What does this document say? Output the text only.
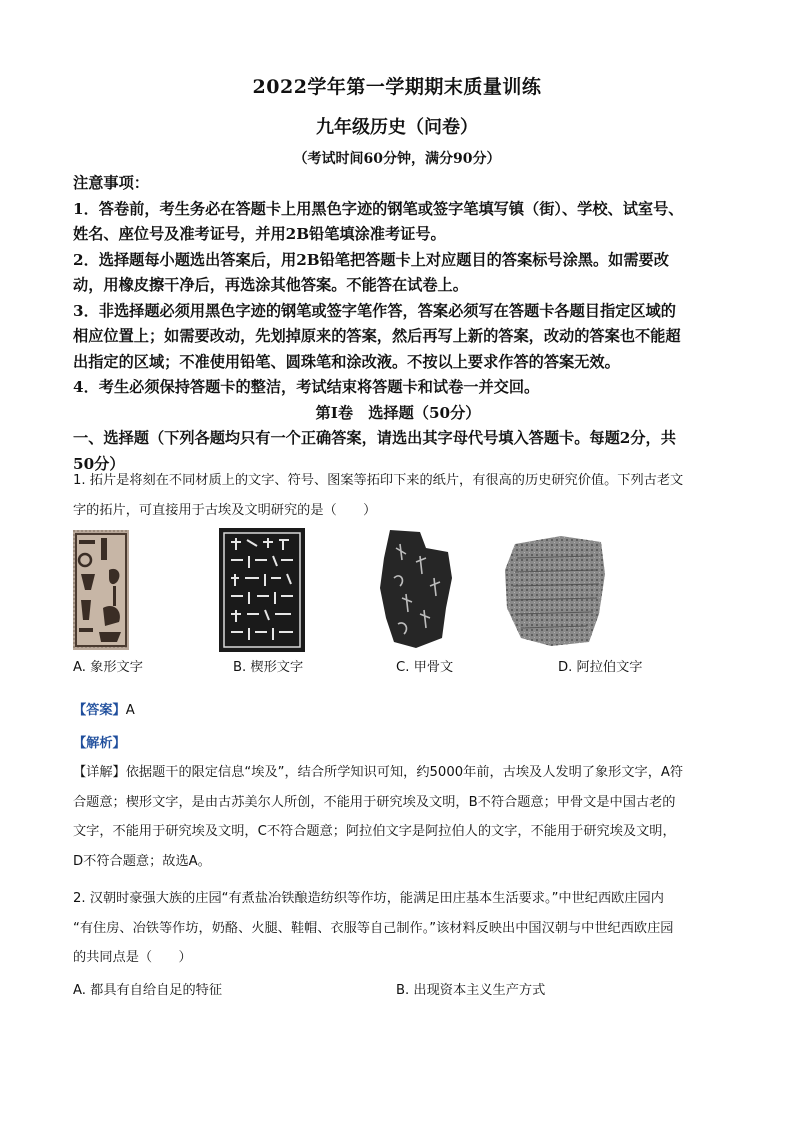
2022学年第一学期期末质量训练
九年级历史（问卷）
（考试时间60分钟，满分90分）
注意事项：
1．答卷前，考生务必在答题卡上用黑色字迹的钢笔或签字笔填写镇（街）、学校、试室号、
姓名、座位号及准考证号，并用2B铅笔填涂准考证号。
2．选择题每小题选出答案后，用2B铅笔把答题卡上对应题目的答案标号涂黑。如需要改
动，用橡皮擦干净后，再选涂其他答案。不能答在试卷上。
3．非选择题必须用黑色字迹的钢笔或签字笔作答，答案必须写在答题卡各题目指定区域的
相应位置上；如需要改动，先划掉原来的答案，然后再写上新的答案，改动的答案也不能超
出指定的区域；不准使用铅笔、圆珠笔和涂改液。不按以上要求作答的答案无效。
4．考生必须保持答题卡的整洁，考试结束将答题卡和试卷一并交回。
第Ⅰ卷　选择题（50分）
一、选择题（下列各题均只有一个正确答案，请选出其字母代号填入答题卡。每题2分，共
50分）
1. 拓片是将刻在不同材质上的文字、符号、图案等拓印下来的纸片，有很高的历史研究价值。下列古老文
字的拓片，可直接用于古埃及文明研究的是（　　）
A. 象形文字	B. 楔形文字	C. 甲骨文	D. 阿拉伯文字
【答案】A
【解析】
【详解】依据题干的限定信息“埃及”，结合所学知识可知，约5000年前，古埃及人发明了象形文字，A符
合题意；楔形文字，是由古苏美尔人所创，不能用于研究埃及文明，B不符合题意；甲骨文是中国古老的
文字，不能用于研究埃及文明，C不符合题意；阿拉伯文字是阿拉伯人的文字，不能用于研究埃及文明，
D不符合题意；故选A。
2. 汉朝时豪强大族的庄园“有煮盐冶铁酿造纺织等作坊，能满足田庄基本生活要求。”中世纪西欧庄园内
“有住房、冶铁等作坊，奶酪、火腿、鞋帽、衣服等自己制作。”该材料反映出中国汉朝与中世纪西欧庄园
的共同点是（　　）
A. 都具有自给自足的特征	B. 出现资本主义生产方式
